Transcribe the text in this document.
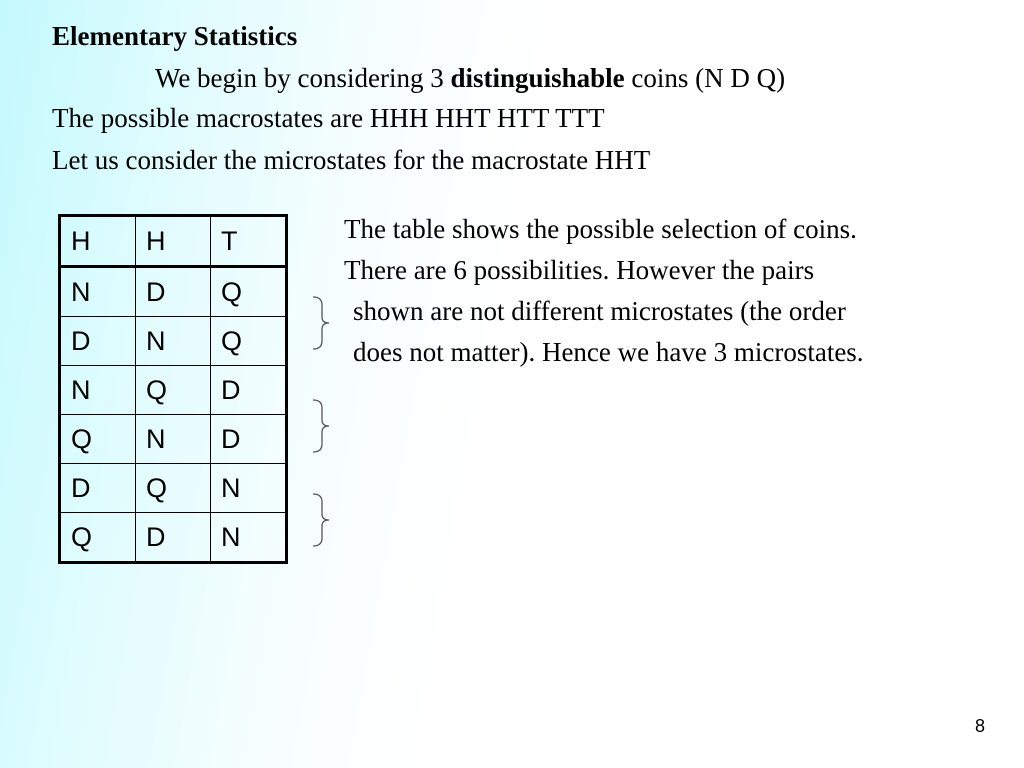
Elementary Statistics
We begin by considering 3 distinguishable coins (N D Q)
The possible macrostates are HHH HHT HTT TTT
Let us consider the microstates for the macrostate HHT
H	H	T
N	D	Q
D	N	Q
N	Q	D
Q	N	D
D	Q	N
Q	D	N
The table shows the possible selection of coins.
There are 6 possibilities. However the pairs
shown are not different microstates (the order
does not matter). Hence we have 3 microstates.
8
